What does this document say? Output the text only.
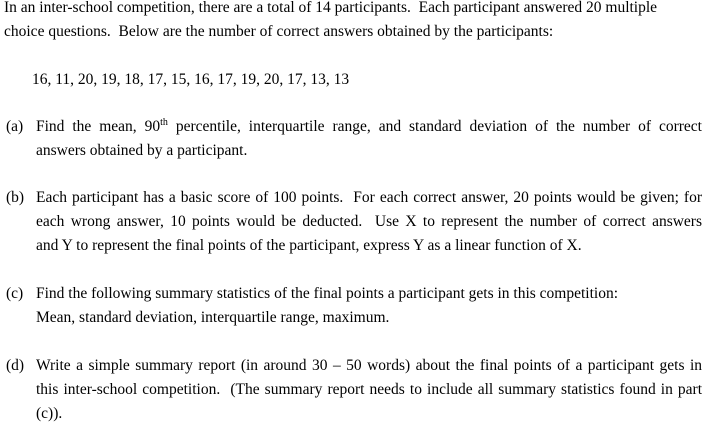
In an inter-school competition, there are a total of 14 participants.  Each participant answered 20 multiple
choice questions.  Below are the number of correct answers obtained by the participants:
16, 11, 20, 19, 18, 17, 15, 16, 17, 19, 20, 17, 13, 13
(a) Find the mean, 90th percentile, interquartile range, and standard deviation of the number of correct
answers obtained by a participant.
(b) Each participant has a basic score of 100 points.  For each correct answer, 20 points would be given; for
each wrong answer, 10 points would be deducted.  Use X to represent the number of correct answers
and Y to represent the final points of the participant, express Y as a linear function of X.
(c) Find the following summary statistics of the final points a participant gets in this competition:
Mean, standard deviation, interquartile range, maximum.
(d) Write a simple summary report (in around 30 – 50 words) about the final points of a participant gets in
this inter-school competition.  (The summary report needs to include all summary statistics found in part
(c)).
